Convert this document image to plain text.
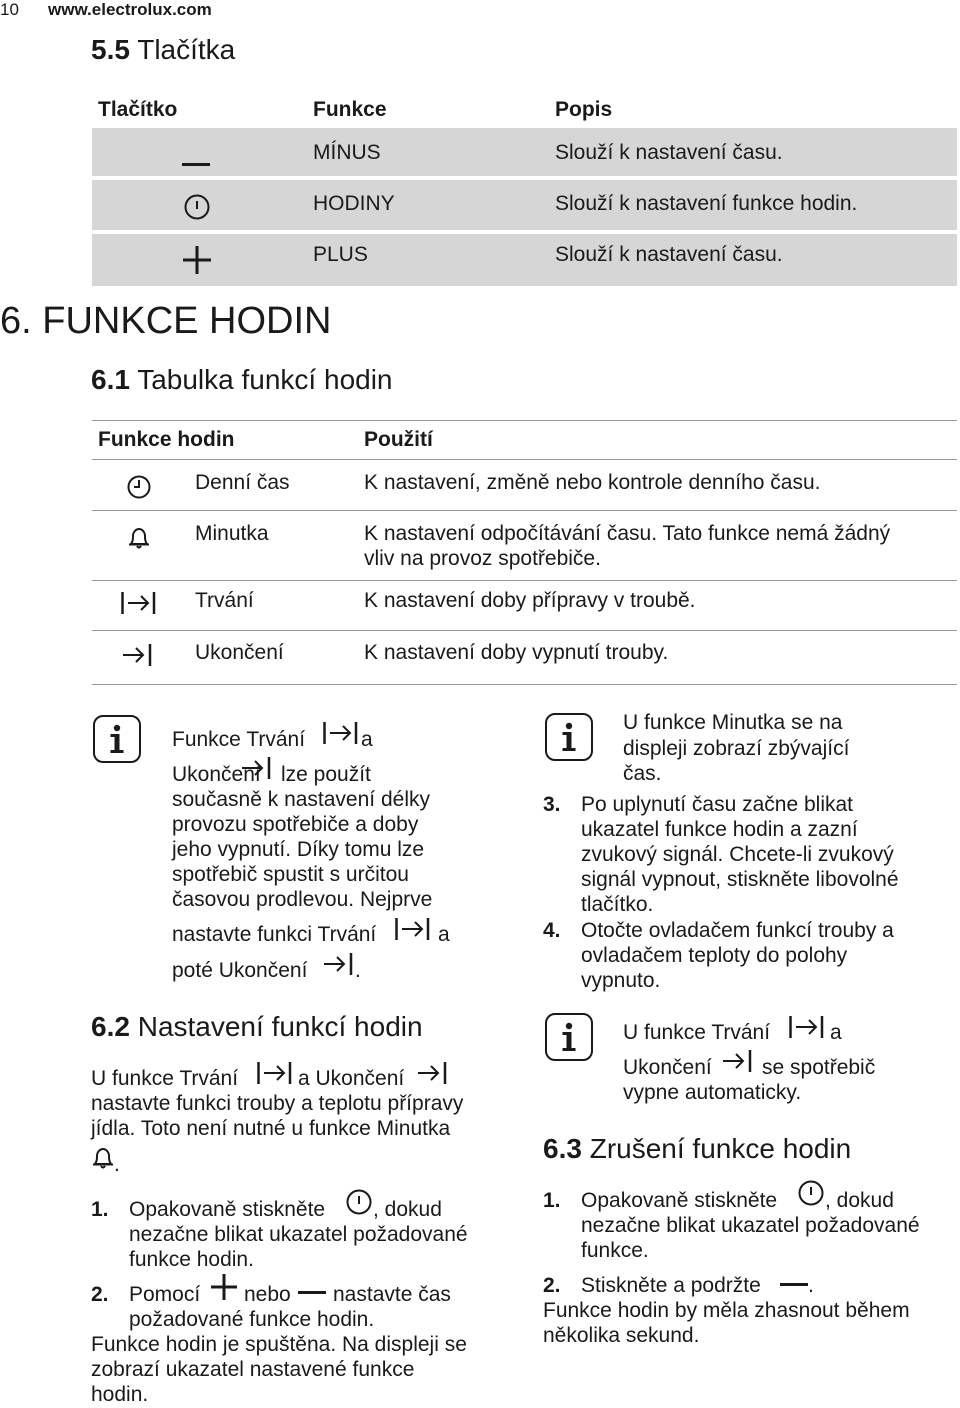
10 www.electrolux.com
5.5 Tlačítka
Tlačítko	Funkce	Popis
MÍNUS	Slouží k nastavení času.
HODINY	Slouží k nastavení funkce hodin.
PLUS	Slouží k nastavení času.
6. FUNKCE HODIN
6.1 Tabulka funkcí hodin
Funkce hodin	Použití
Denní čas	K nastavení, změně nebo kontrole denního času.
Minutka	K nastavení odpočítávání času. Tato funkce nemá žádný
vliv na provoz spotřebiče.
Trvání	K nastavení doby přípravy v troubě.
Ukončení	K nastavení doby vypnutí trouby.
Funkce Trvání	a
Ukončení lze použít
současně k nastavení délky
provozu spotřebiče a doby
jeho vypnutí. Díky tomu lze
spotřebič spustit s určitou
časovou prodlevou. Nejprve
nastavte funkci Trvání	a
poté Ukončení .
6.2 Nastavení funkcí hodin
U funkce Trvání	a Ukončení
nastavte funkci trouby a teplotu přípravy
jídla. Toto není nutné u funkce Minutka
.
1. Opakovaně stiskněte , dokud
nezačne blikat ukazatel požadované
funkce hodin.
2. Pomocí nebo nastavte čas
požadované funkce hodin.
Funkce hodin je spuštěna. Na displeji se
zobrazí ukazatel nastavené funkce
hodin.
U funkce Minutka se na
displeji zobrazí zbývající
čas.
3. Po uplynutí času začne blikat
ukazatel funkce hodin a zazní
zvukový signál. Chcete-li zvukový
signál vypnout, stiskněte libovolné
tlačítko.
4. Otočte ovladačem funkcí trouby a
ovladačem teploty do polohy
vypnuto.
U funkce Trvání	a
Ukončení se spotřebič
vypne automaticky.
6.3 Zrušení funkce hodin
1. Opakovaně stiskněte , dokud
nezačne blikat ukazatel požadované
funkce.
2. Stiskněte a podržte .
Funkce hodin by měla zhasnout během
několika sekund.
